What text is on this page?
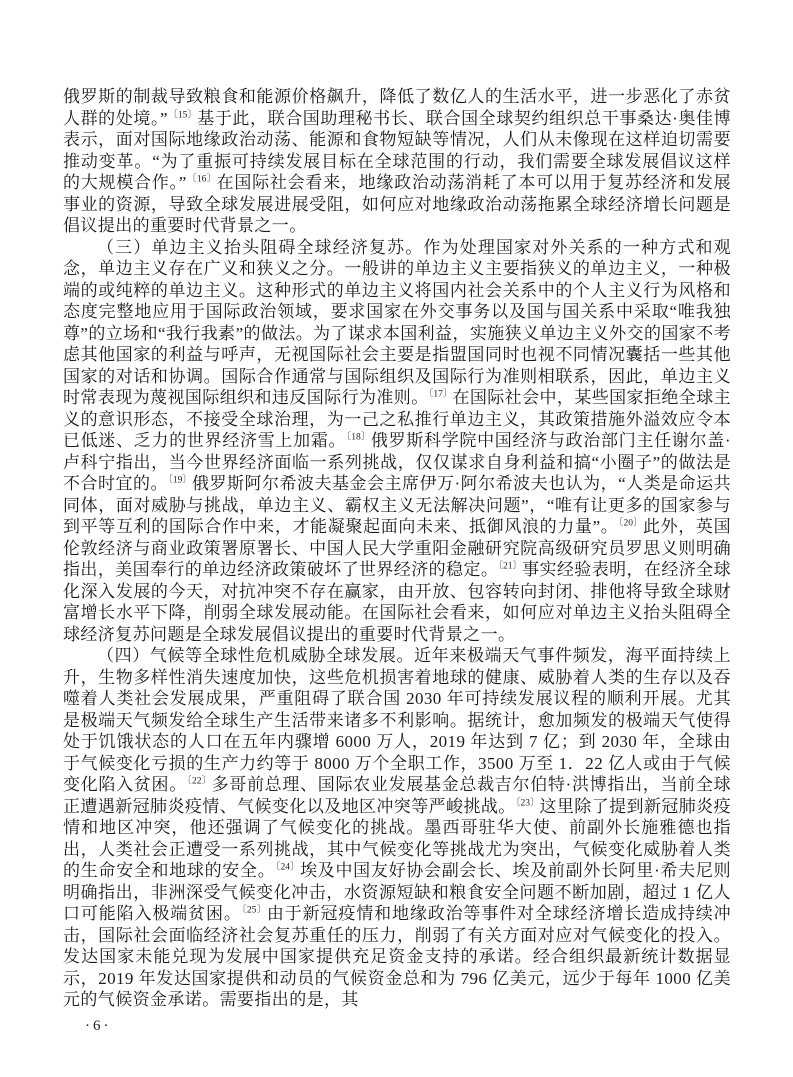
俄罗斯的制裁导致粮食和能源价格飙升，降低了数亿人的生活水平，进一步恶化了赤贫人群的处境。”$^{〔15〕}$基于此，联合国助理秘书长、联合国全球契约组织总干事桑达·奥佳博表示，面对国际地缘政治动荡、能源和食物短缺等情况，人们从未像现在这样迫切需要推动变革。“为了重振可持续发展目标在全球范围的行动，我们需要全球发展倡议这样的大规模合作。”$^{〔16〕}$在国际社会看来，地缘政治动荡消耗了本可以用于复苏经济和发展事业的资源，导致全球发展进展受阻，如何应对地缘政治动荡拖累全球经济增长问题是倡议提出的重要时代背景之一。

（三）单边主义抬头阻碍全球经济复苏。作为处理国家对外关系的一种方式和观念，单边主义存在广义和狭义之分。一般讲的单边主义主要指狭义的单边主义，一种极端的或纯粹的单边主义。这种形式的单边主义将国内社会关系中的个人主义行为风格和态度完整地应用于国际政治领域，要求国家在外交事务以及国与国关系中采取“唯我独尊”的立场和“我行我素”的做法。为了谋求本国利益，实施狭义单边主义外交的国家不考虑其他国家的利益与呼声，无视国际社会主要是指盟国同时也视不同情况囊括一些其他国家的对话和协调。国际合作通常与国际组织及国际行为准则相联系，因此，单边主义时常表现为蔑视国际组织和违反国际行为准则。$^{〔17〕}$在国际社会中，某些国家拒绝全球主义的意识形态，不接受全球治理，为一己之私推行单边主义，其政策措施外溢效应令本已低迷、乏力的世界经济雪上加霜。$^{〔18〕}$俄罗斯科学院中国经济与政治部门主任谢尔盖·卢科宁指出，当今世界经济面临一系列挑战，仅仅谋求自身利益和搞“小圈子”的做法是不合时宜的。$^{〔19〕}$俄罗斯阿尔希波夫基金会主席伊万·阿尔希波夫也认为，“人类是命运共同体，面对威胁与挑战，单边主义、霸权主义无法解决问题”，“唯有让更多的国家参与到平等互利的国际合作中来，才能凝聚起面向未来、抵御风浪的力量”。$^{〔20〕}$此外，英国伦敦经济与商业政策署原署长、中国人民大学重阳金融研究院高级研究员罗思义则明确指出，美国奉行的单边经济政策破坏了世界经济的稳定。$^{〔21〕}$事实经验表明，在经济全球化深入发展的今天，对抗冲突不存在赢家，由开放、包容转向封闭、排他将导致全球财富增长水平下降，削弱全球发展动能。在国际社会看来，如何应对单边主义抬头阻碍全球经济复苏问题是全球发展倡议提出的重要时代背景之一。

（四）气候等全球性危机威胁全球发展。近年来极端天气事件频发，海平面持续上升，生物多样性消失速度加快，这些危机损害着地球的健康、威胁着人类的生存以及吞噬着人类社会发展成果，严重阻碍了联合国 2030 年可持续发展议程的顺利开展。尤其是极端天气频发给全球生产生活带来诸多不利影响。据统计，愈加频发的极端天气使得处于饥饿状态的人口在五年内骤增 6000 万人，2019 年达到 7 亿；到 2030 年，全球由于气候变化亏损的生产力约等于 8000 万个全职工作，3500 万至 1．22 亿人或由于气候变化陷入贫困。$^{〔22〕}$多哥前总理、国际农业发展基金总裁吉尔伯特·洪博指出，当前全球正遭遇新冠肺炎疫情、气候变化以及地区冲突等严峻挑战。$^{〔23〕}$这里除了提到新冠肺炎疫情和地区冲突，他还强调了气候变化的挑战。墨西哥驻华大使、前副外长施雅德也指出，人类社会正遭受一系列挑战，其中气候变化等挑战尤为突出，气候变化威胁着人类的生命安全和地球的安全。$^{〔24〕}$埃及中国友好协会副会长、埃及前副外长阿里·希夫尼则明确指出，非洲深受气候变化冲击，水资源短缺和粮食安全问题不断加剧，超过 1 亿人口可能陷入极端贫困。$^{〔25〕}$由于新冠疫情和地缘政治等事件对全球经济增长造成持续冲击，国际社会面临经济社会复苏重任的压力，削弱了有关方面对应对气候变化的投入。发达国家未能兑现为发展中国家提供充足资金支持的承诺。经合组织最新统计数据显示，2019 年发达国家提供和动员的气候资金总和为 796 亿美元，远少于每年 1000 亿美元的气候资金承诺。需要指出的是，其

·6·
